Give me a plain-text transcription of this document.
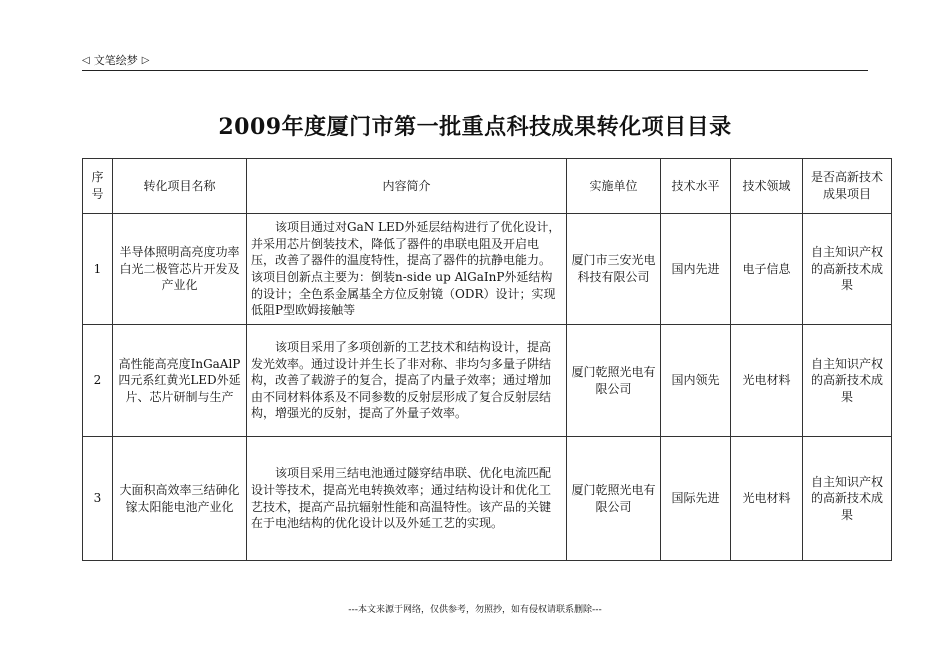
◁ 文笔绘梦 ▷
2009年度厦门市第一批重点科技成果转化项目目录
序号	转化项目名称	内容简介	实施单位	技术水平	技术领域	是否高新技术成果项目
1	半导体照明高亮度功率白光二极管芯片开发及产业化	该项目通过对GaN LED外延层结构进行了优化设计，并采用芯片倒装技术，降低了器件的串联电阻及开启电压，改善了器件的温度特性，提高了器件的抗静电能力。该项目创新点主要为：倒装n-side up AlGaInP外延结构的设计；全色系金属基全方位反射镜（ODR）设计；实现低阻P型欧姆接触等	厦门市三安光电科技有限公司	国内先进	电子信息	自主知识产权的高新技术成果
2	高性能高亮度InGaAlP四元系红黄光LED外延片、芯片研制与生产	该项目采用了多项创新的工艺技术和结构设计，提高发光效率。通过设计并生长了非对称、非均匀多量子阱结构，改善了载游子的复合，提高了内量子效率；通过增加由不同材料体系及不同参数的反射层形成了复合反射层结构，增强光的反射，提高了外量子效率。	厦门乾照光电有限公司	国内领先	光电材料	自主知识产权的高新技术成果
3	大面积高效率三结砷化镓太阳能电池产业化	该项目采用三结电池通过隧穿结串联、优化电流匹配设计等技术，提高光电转换效率；通过结构设计和优化工艺技术，提高产品抗辐射性能和高温特性。该产品的关键在于电池结构的优化设计以及外延工艺的实现。	厦门乾照光电有限公司	国际先进	光电材料	自主知识产权的高新技术成果
---本文来源于网络，仅供参考，勿照抄，如有侵权请联系删除---
